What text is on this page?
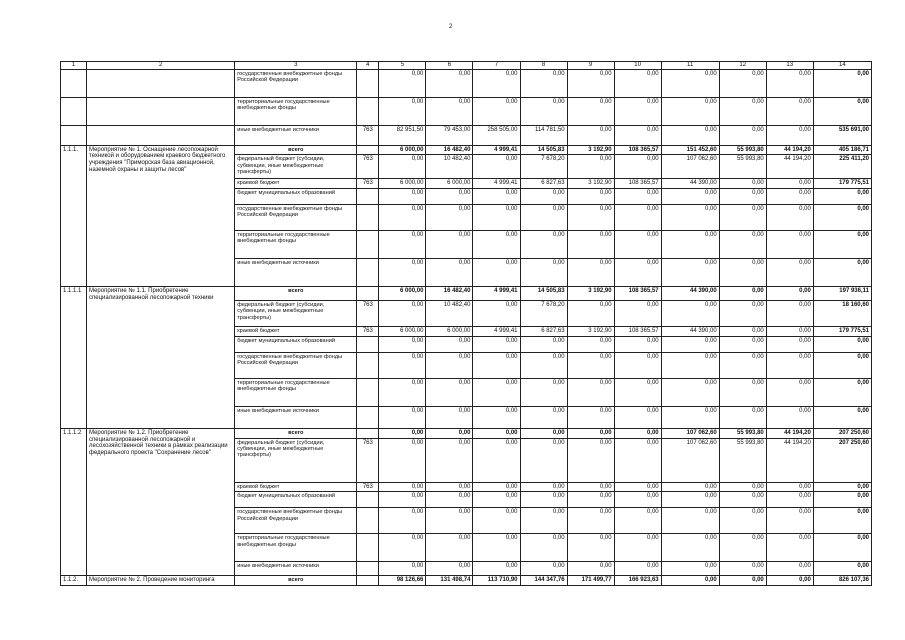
2
1	2	3	4	5	6	7	8	9	10	11	12	13	14
		государственные внебюджетные фонды Российской Федерации		0,00	0,00	0,00	0,00	0,00	0,00	0,00	0,00	0,00	0,00
		территориальные государственные внебюджетные фонды		0,00	0,00	0,00	0,00	0,00	0,00	0,00	0,00	0,00	0,00
		иные внебюджетные источники	763	82 951,50	79 453,00	258 505,00	114 781,50	0,00	0,00	0,00	0,00	0,00	535 691,00
1.1.1.	Мероприятие № 1. Оснащение лесопожарной техникой и оборудованием краевого бюджетного учреждения "Приморская база авиационной, наземной охраны и защиты лесов"	всего		6 000,00	16 482,40	4 999,41	14 505,83	3 192,90	108 365,57	151 452,60	55 993,80	44 194,20	405 186,71
		федеральный бюджет (субсидии, субвенции, иные межбюджетные трансферты)	763	0,00	10 482,40	0,00	7 678,20	0,00	0,00	107 062,60	55 993,80	44 194,20	225 411,20
		краевой бюджет	763	6 000,00	6 000,00	4 999,41	6 827,63	3 192,90	108 365,57	44 390,00	0,00	0,00	179 775,51
		бюджет муниципальных образований		0,00	0,00	0,00	0,00	0,00	0,00	0,00	0,00	0,00	0,00
		государственные внебюджетные фонды Российской Федерации		0,00	0,00	0,00	0,00	0,00	0,00	0,00	0,00	0,00	0,00
		территориальные государственные внебюджетные фонды		0,00	0,00	0,00	0,00	0,00	0,00	0,00	0,00	0,00	0,00
		иные внебюджетные источники		0,00	0,00	0,00	0,00	0,00	0,00	0,00	0,00	0,00	0,00
1.1.1.1	Мероприятие № 1.1. Приобретение специализированной лесопожарной техники	всего		6 000,00	16 482,40	4 999,41	14 505,83	3 192,90	108 365,57	44 390,00	0,00	0,00	197 936,11
		федеральный бюджет (субсидии, субвенции, иные межбюджетные трансферты)	763	0,00	10 482,40	0,00	7 678,20	0,00	0,00	0,00	0,00	0,00	18 160,60
		краевой бюджет	763	6 000,00	6 000,00	4 999,41	6 827,63	3 192,90	108 365,57	44 390,00	0,00	0,00	179 775,51
		бюджет муниципальных образований		0,00	0,00	0,00	0,00	0,00	0,00	0,00	0,00	0,00	0,00
		государственные внебюджетные фонды Российской Федерации		0,00	0,00	0,00	0,00	0,00	0,00	0,00	0,00	0,00	0,00
		территориальные государственные внебюджетные фонды		0,00	0,00	0,00	0,00	0,00	0,00	0,00	0,00	0,00	0,00
		иные внебюджетные источники		0,00	0,00	0,00	0,00	0,00	0,00	0,00	0,00	0,00	0,00
1.1.1.2	Мероприятие № 1.2. Приобретение специализированной лесопожарной и лесохозяйственной техники в рамках реализации федерального проекта "Сохранение лесов"	всего		0,00	0,00	0,00	0,00	0,00	0,00	107 062,60	55 993,80	44 194,20	207 250,60
		федеральный бюджет (субсидии, субвенции, иные межбюджетные трансферты)	763	0,00	0,00	0,00	0,00	0,00	0,00	107 062,60	55 993,80	44 194,20	207 250,60
		краевой бюджет	763	0,00	0,00	0,00	0,00	0,00	0,00	0,00	0,00	0,00	0,00
		бюджет муниципальных образований		0,00	0,00	0,00	0,00	0,00	0,00	0,00	0,00	0,00	0,00
		государственные внебюджетные фонды Российской Федерации		0,00	0,00	0,00	0,00	0,00	0,00	0,00	0,00	0,00	0,00
		территориальные государственные внебюджетные фонды		0,00	0,00	0,00	0,00	0,00	0,00	0,00	0,00	0,00	0,00
		иные внебюджетные источники		0,00	0,00	0,00	0,00	0,00	0,00	0,00	0,00	0,00	0,00
1.1.2.	Мероприятие № 2. Проведение мониторинга	всего		98 126,66	131 498,74	113 710,90	144 347,76	171 499,77	166 923,63	0,00	0,00	0,00	826 107,36
